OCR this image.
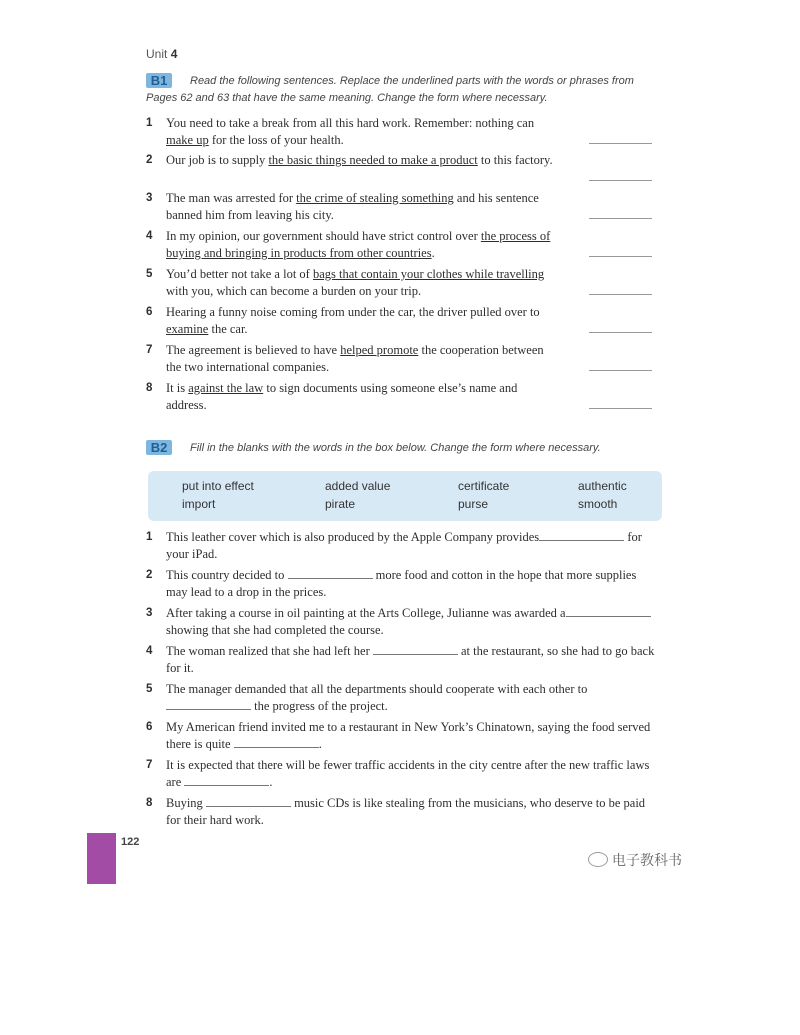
Unit 4
B1	Read the following sentences. Replace the underlined parts with the words or phrases from Pages 62 and 63 that have the same meaning. Change the form where necessary.
1 You need to take a break from all this hard work. Remember: nothing can make up for the loss of your health.
2 Our job is to supply the basic things needed to make a product to this factory.
3 The man was arrested for the crime of stealing something and his sentence banned him from leaving his city.
4 In my opinion, our government should have strict control over the process of buying and bringing in products from other countries.
5 You’d better not take a lot of bags that contain your clothes while travelling with you, which can become a burden on your trip.
6 Hearing a funny noise coming from under the car, the driver pulled over to examine the car.
7 The agreement is believed to have helped promote the cooperation between the two international companies.
8 It is against the law to sign documents using someone else’s name and address.
B2	Fill in the blanks with the words in the box below. Change the form where necessary.
put into effect	added value	certificate	authentic
import	pirate	purse	smooth
1 This leather cover which is also produced by the Apple Company provides	for your iPad.
2 This country decided to	more food and cotton in the hope that more supplies may lead to a drop in the prices.
3 After taking a course in oil painting at the Arts College, Julianne was awarded a showing that she had completed the course.
4 The woman realized that she had left her	at the restaurant, so she had to go back for it.
5 The manager demanded that all the departments should cooperate with each other to the progress of the project.
6 My American friend invited me to a restaurant in New York’s Chinatown, saying the food served there is quite	.
7 It is expected that there will be fewer traffic accidents in the city centre after the new traffic laws are	.
8 Buying	music CDs is like stealing from the musicians, who deserve to be paid for their hard work.
122
电子教科书
